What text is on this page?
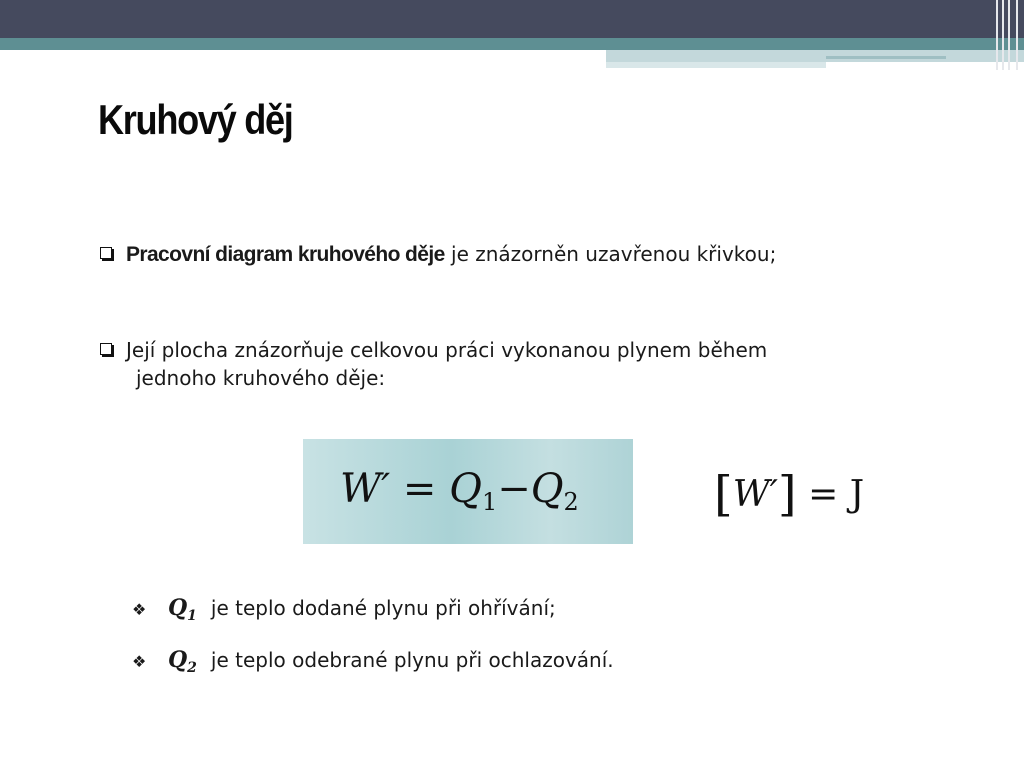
Kruhový děj
Pracovní diagram kruhového děje je znázorněn uzavřenou křivkou;
Její plocha znázorňuje celkovou práci vykonanou plynem během
jednoho kruhového děje:
$W' = Q_1-Q_2$	[W′] = J
❖ $Q_1$ je teplo dodané plynu při ohřívání;
❖ $Q_2$ je teplo odebrané plynu při ochlazování.
